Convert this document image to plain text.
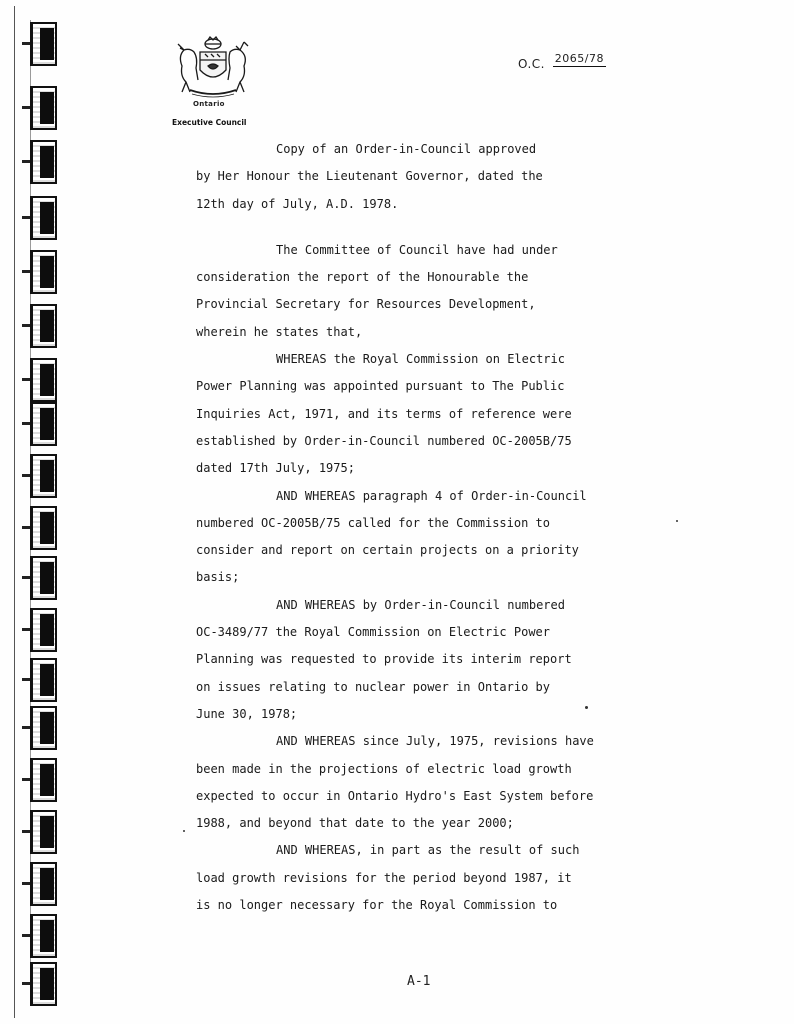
Ontario
Executive Council
O.C. 2065/78
Copy of an Order-in-Council approved
by Her Honour the Lieutenant Governor, dated the
12th day of July, A.D. 1978.
The Committee of Council have had under
consideration the report of the Honourable the
Provincial Secretary for Resources Development,
wherein he states that,
WHEREAS the Royal Commission on Electric
Power Planning was appointed pursuant to The Public
Inquiries Act, 1971, and its terms of reference were
established by Order-in-Council numbered OC-2005B/75
dated 17th July, 1975;
AND WHEREAS paragraph 4 of Order-in-Council
numbered OC-2005B/75 called for the Commission to
consider and report on certain projects on a priority
basis;
AND WHEREAS by Order-in-Council numbered
OC-3489/77 the Royal Commission on Electric Power
Planning was requested to provide its interim report
on issues relating to nuclear power in Ontario by
June 30, 1978;
AND WHEREAS since July, 1975, revisions have
been made in the projections of electric load growth
expected to occur in Ontario Hydro's East System before
1988, and beyond that date to the year 2000;
AND WHEREAS, in part as the result of such
load growth revisions for the period beyond 1987, it
is no longer necessary for the Royal Commission to
A-1
